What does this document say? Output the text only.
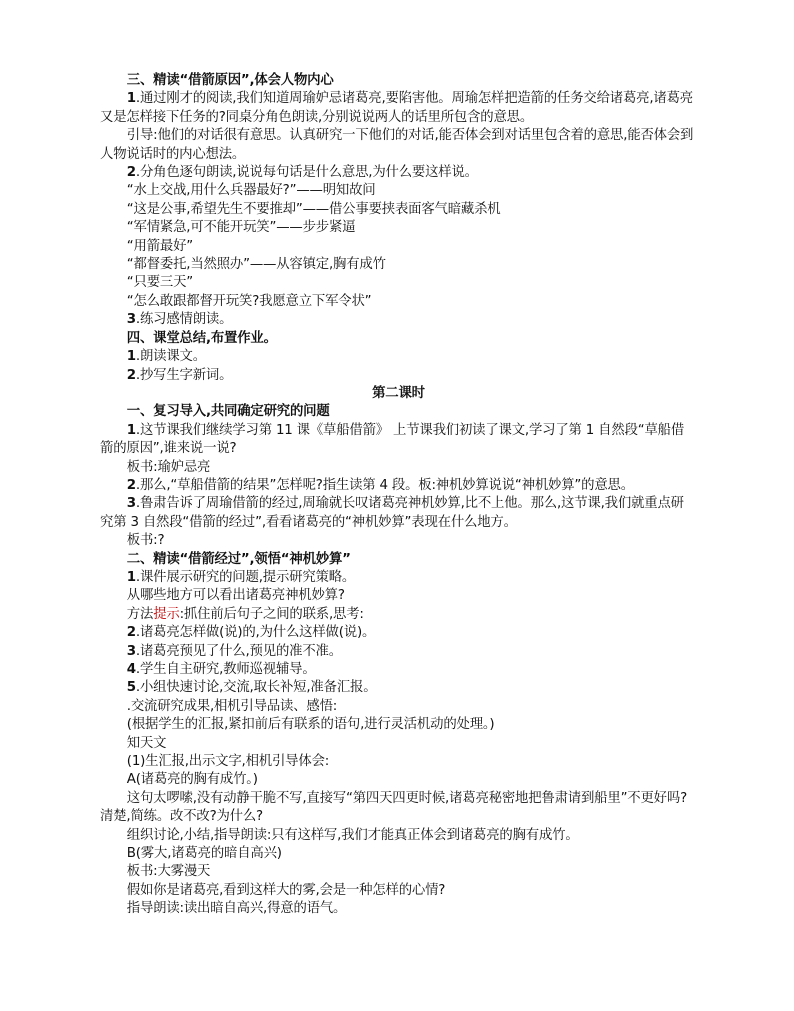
三、精读“借箭原因”,体会人物内心

1.通过刚才的阅读,我们知道周瑜妒忌诸葛亮,要陷害他。周瑜怎样把造箭的任务交给诸葛亮,诸葛亮又是怎样接下任务的?同桌分角色朗读,分别说说两人的话里所包含的意思。

引导:他们的对话很有意思。认真研究一下他们的对话,能否体会到对话里包含着的意思,能否体会到人物说话时的内心想法。

2.分角色逐句朗读,说说每句话是什么意思,为什么要这样说。

“水上交战,用什么兵器最好?”——明知故问

“这是公事,希望先生不要推却”——借公事要挟表面客气暗藏杀机

“军情紧急,可不能开玩笑”——步步紧逼

“用箭最好”

“都督委托,当然照办”——从容镇定,胸有成竹

“只要三天”

“怎么敢跟都督开玩笑?我愿意立下军令状”

3.练习感情朗读。

四、课堂总结,布置作业。

1.朗读课文。

2.抄写生字新词。

第二课时

一、复习导入,共同确定研究的问题

1.这节课我们继续学习第 11 课《草船借箭》 上节课我们初读了课文,学习了第 1 自然段“草船借箭的原因”,谁来说一说?

板书:瑜妒忌亮

2.那么,“草船借箭的结果”怎样呢?指生读第 4 段。板:神机妙算说说“神机妙算”的意思。

3.鲁肃告诉了周瑜借箭的经过,周瑜就长叹诸葛亮神机妙算,比不上他。那么,这节课,我们就重点研究第 3 自然段“借箭的经过”,看看诸葛亮的“神机妙算”表现在什么地方。

板书:?

二、精读“借箭经过”,领悟“神机妙算”

1.课件展示研究的问题,提示研究策略。

从哪些地方可以看出诸葛亮神机妙算?

方法提示:抓住前后句子之间的联系,思考:

2.诸葛亮怎样做(说)的,为什么这样做(说)。

3.诸葛亮预见了什么,预见的准不准。

4.学生自主研究,教师巡视辅导。

5.小组快速讨论,交流,取长补短,准备汇报。

.交流研究成果,相机引导品读、感悟:

(根据学生的汇报,紧扣前后有联系的语句,进行灵活机动的处理。)

知天文

(1)生汇报,出示文字,相机引导体会:

A(诸葛亮的胸有成竹。)

这句太啰嗦,没有动静干脆不写,直接写“第四天四更时候,诸葛亮秘密地把鲁肃请到船里”不更好吗?清楚,简练。改不改?为什么?

组织讨论,小结,指导朗读:只有这样写,我们才能真正体会到诸葛亮的胸有成竹。

B(雾大,诸葛亮的暗自高兴)

板书:大雾漫天

假如你是诸葛亮,看到这样大的雾,会是一种怎样的心情?

指导朗读:读出暗自高兴,得意的语气。
